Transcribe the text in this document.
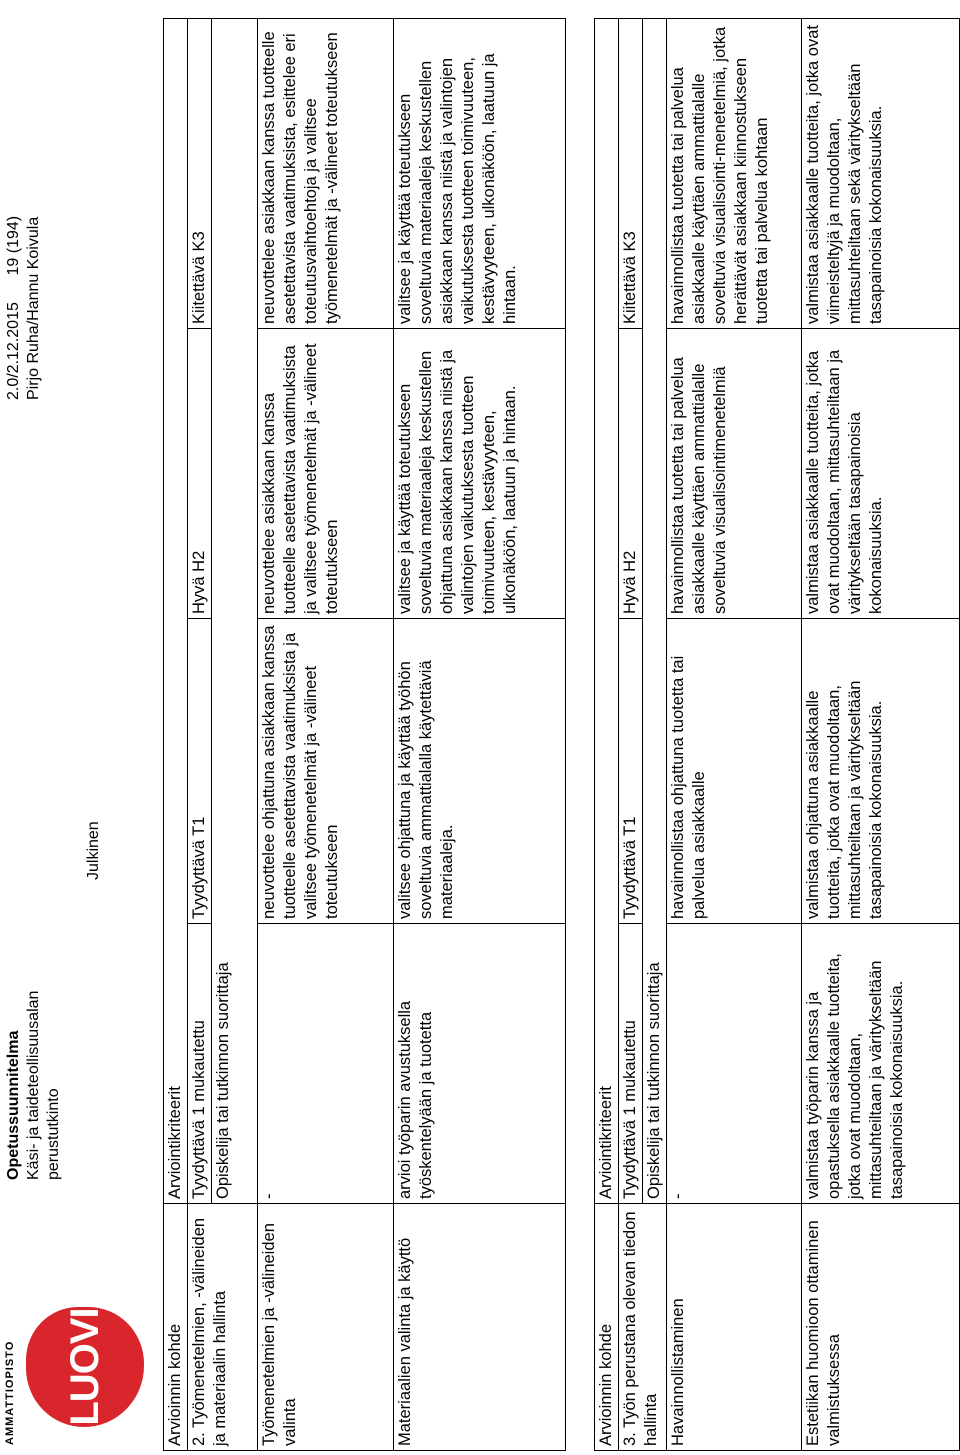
AMMATTIOPISTO	LUOVI
Opetussuunnitelma Käsi- ja taideteollisuusalan perustutkinto
Julkinen
2.0/2.12.2015      19 (194) Pirjo Ruha/Hannu Koivula
Arvioinnin kohde	Arviointikriteerit			
2. Työmenetelmien, -välineiden ja materiaalin hallinta	Tyydyttävä 1 mukautettu	Tyydyttävä T1	Hyvä H2	Kiitettävä K3
	Opiskelija tai tutkinnon suorittaja			
Työmenetelmien ja -välineiden valinta	-	neuvottelee ohjattuna asiakkaan kanssa tuotteelle asetettavista vaatimuksista ja valitsee työmenetelmät ja -välineet toteutukseen	neuvottelee asiakkaan kanssa tuotteelle asetettavista vaatimuksista ja valitsee työmenetelmät ja -välineet toteutukseen	neuvottelee asiakkaan kanssa tuotteelle asetettavista vaatimuksista, esittelee eri toteutusvaihtoehtoja ja valitsee työmenetelmät ja -välineet toteutukseen
Materiaalien valinta ja käyttö	arvioi työparin avustuksella työskentelyään ja tuotetta	valitsee ohjattuna ja käyttää työhön soveltuvia ammattialalla käytettäviä materiaaleja.	valitsee ja käyttää toteutukseen soveltuvia materiaaleja keskustellen ohjattuna asiakkaan kanssa niistä ja valintojen vaikutuksesta tuotteen toimivuuteen, kestävyyteen, ulkonäköön, laatuun ja hintaan.	valitsee ja käyttää toteutukseen soveltuvia materiaaleja keskustellen asiakkaan kanssa niistä ja valintojen vaikutuksesta tuotteen toimivuuteen, kestävyyteen, ulkonäköön, laatuun ja hintaan.
Arvioinnin kohde	Arviointikriteerit			
3. Työn perustana olevan tiedon hallinta	Tyydyttävä 1 mukautettu	Tyydyttävä T1	Hyvä H2	Kiitettävä K3
	Opiskelija tai tutkinnon suorittaja			
Havainnollistaminen	-	havainnollistaa ohjattuna tuotetta tai palvelua asiakkaalle	havainnollistaa tuotetta tai palvelua asiakkaalle käyttäen ammattialalle soveltuvia visualisointimenetelmiä	havainnollistaa tuotetta tai palvelua asiakkaalle käyttäen ammattialalle soveltuvia visualisointi-menetelmiä, jotka herättävät asiakkaan kiinnostukseen tuotetta tai palvelua kohtaan
Estetiikan huomioon ottaminen valmistuksessa	valmistaa työparin kanssa ja opastuksella asiakkaalle tuotteita, jotka ovat muodoltaan, mittasuhteiltaan ja väritykseltään tasapainoisia kokonaisuuksia.	valmistaa ohjattuna asiakkaalle tuotteita, jotka ovat muodoltaan, mittasuhteiltaan ja väritykseltään tasapainoisia kokonaisuuksia.	valmistaa asiakkaalle tuotteita, jotka ovat muodoltaan, mittasuhteiltaan ja väritykseltään tasapainoisia kokonaisuuksia.	valmistaa asiakkaalle tuotteita, jotka ovat viimeisteltyjä ja muodoltaan, mittasuhteiltaan sekä väritykseltään tasapainoisia kokonaisuuksia.
